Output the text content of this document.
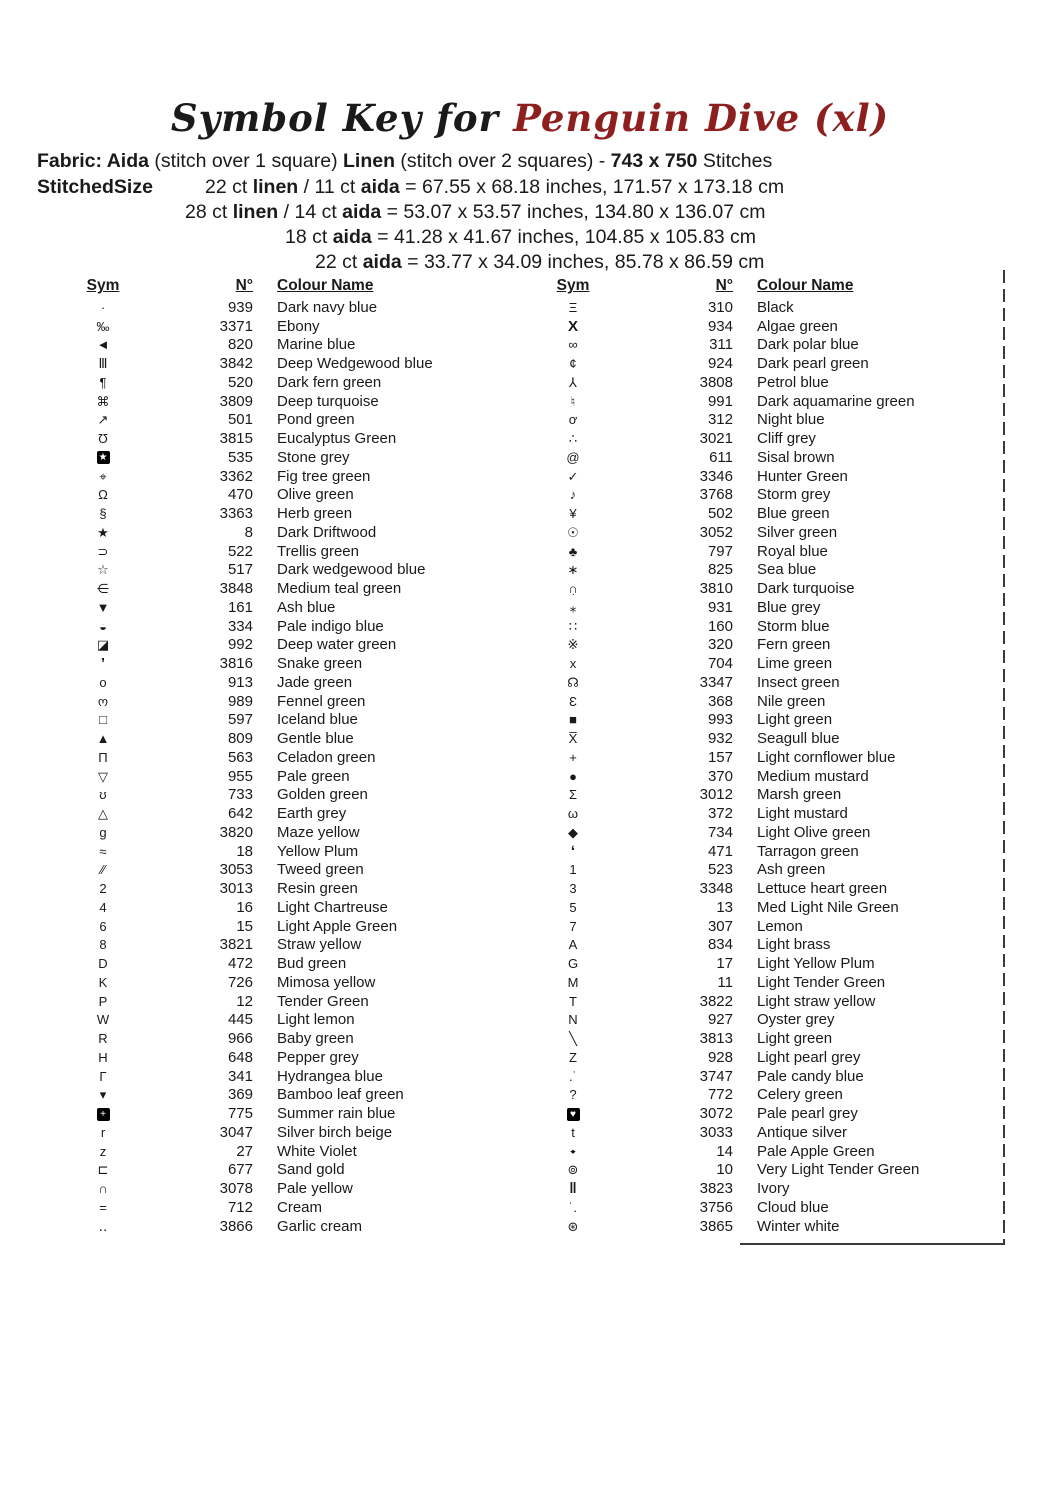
Symbol Key for Penguin Dive (xl)
Fabric: Aida (stitch over 1 square) Linen (stitch over 2 squares) - 743 x 750 Stitches
StitchedSize	22 ct linen / 11 ct aida = 67.55 x 68.18 inches, 171.57 x 173.18 cm
28 ct linen / 14 ct aida = 53.07 x 53.57 inches, 134.80 x 136.07 cm
18 ct aida = 41.28 x 41.67 inches, 104.85 x 105.83 cm
22 ct aida = 33.77 x 34.09 inches, 85.78 x 86.59 cm
Sym	N°	Colour Name
·	939	Dark navy blue
‰	3371	Ebony
◄	820	Marine blue
Ⅲ	3842	Deep Wedgewood blue
¶	520	Dark fern green
⌘	3809	Deep turquoise
↗	501	Pond green
Ʊ	3815	Eucalyptus Green
★	535	Stone grey
⌖	3362	Fig tree green
Ω	470	Olive green
§	3363	Herb green
★	8	Dark Driftwood
⊃	522	Trellis green
☆	517	Dark wedgewood blue
∈	3848	Medium teal green
▼	161	Ash blue
◒	334	Pale indigo blue
◪	992	Deep water green
’	3816	Snake green
o	913	Jade green
ო	989	Fennel green
□	597	Iceland blue
▲	809	Gentle blue
Π	563	Celadon green
▽	955	Pale green
ʊ	733	Golden green
△	642	Earth grey
g	3820	Maze yellow
≈	18	Yellow Plum
∕∕	3053	Tweed green
2	3013	Resin green
4	16	Light Chartreuse
6	15	Light Apple Green
8	3821	Straw yellow
D	472	Bud green
K	726	Mimosa yellow
P	12	Tender Green
W	445	Light lemon
R	966	Baby green
H	648	Pepper grey
Γ	341	Hydrangea blue
▾	369	Bamboo leaf green
+	775	Summer rain blue
r	3047	Silver birch beige
z	27	White Violet
⊏	677	Sand gold
∩	3078	Pale yellow
=	712	Cream
‥	3866	Garlic cream
Sym	N°	Colour Name
Ξ	310	Black
X	934	Algae green
∞	311	Dark polar blue
¢	924	Dark pearl green
⅄	3808	Petrol blue
♮	991	Dark aquamarine green
ơ	312	Night blue
∴	3021	Cliff grey
@	611	Sisal brown
✓	3346	Hunter Green
♪	3768	Storm grey
¥	502	Blue green
☉	3052	Silver green
♣	797	Royal blue
∗	825	Sea blue
∩̣	3810	Dark turquoise
⁎	931	Blue grey
∷	160	Storm blue
※	320	Fern green
x	704	Lime green
☊	3347	Insect green
Ɛ	368	Nile green
■	993	Light green
X̅	932	Seagull blue
+	157	Light cornflower blue
●	370	Medium mustard
Σ	3012	Marsh green
ω	372	Light mustard
◆	734	Light Olive green
ʻ	471	Tarragon green
1	523	Ash green
3	3348	Lettuce heart green
5	13	Med Light Nile Green
7	307	Lemon
A	834	Light brass
G	17	Light Yellow Plum
M	11	Light Tender Green
T	3822	Light straw yellow
N	927	Oyster grey
╲	3813	Light green
Z	928	Light pearl grey
.˙	3747	Pale candy blue
?	772	Celery green
♥	3072	Pale pearl grey
t	3033	Antique silver
•	14	Pale Apple Green
⊚	10	Very Light Tender Green
‖	3823	Ivory
˙.	3756	Cloud blue
⊛	3865	Winter white
